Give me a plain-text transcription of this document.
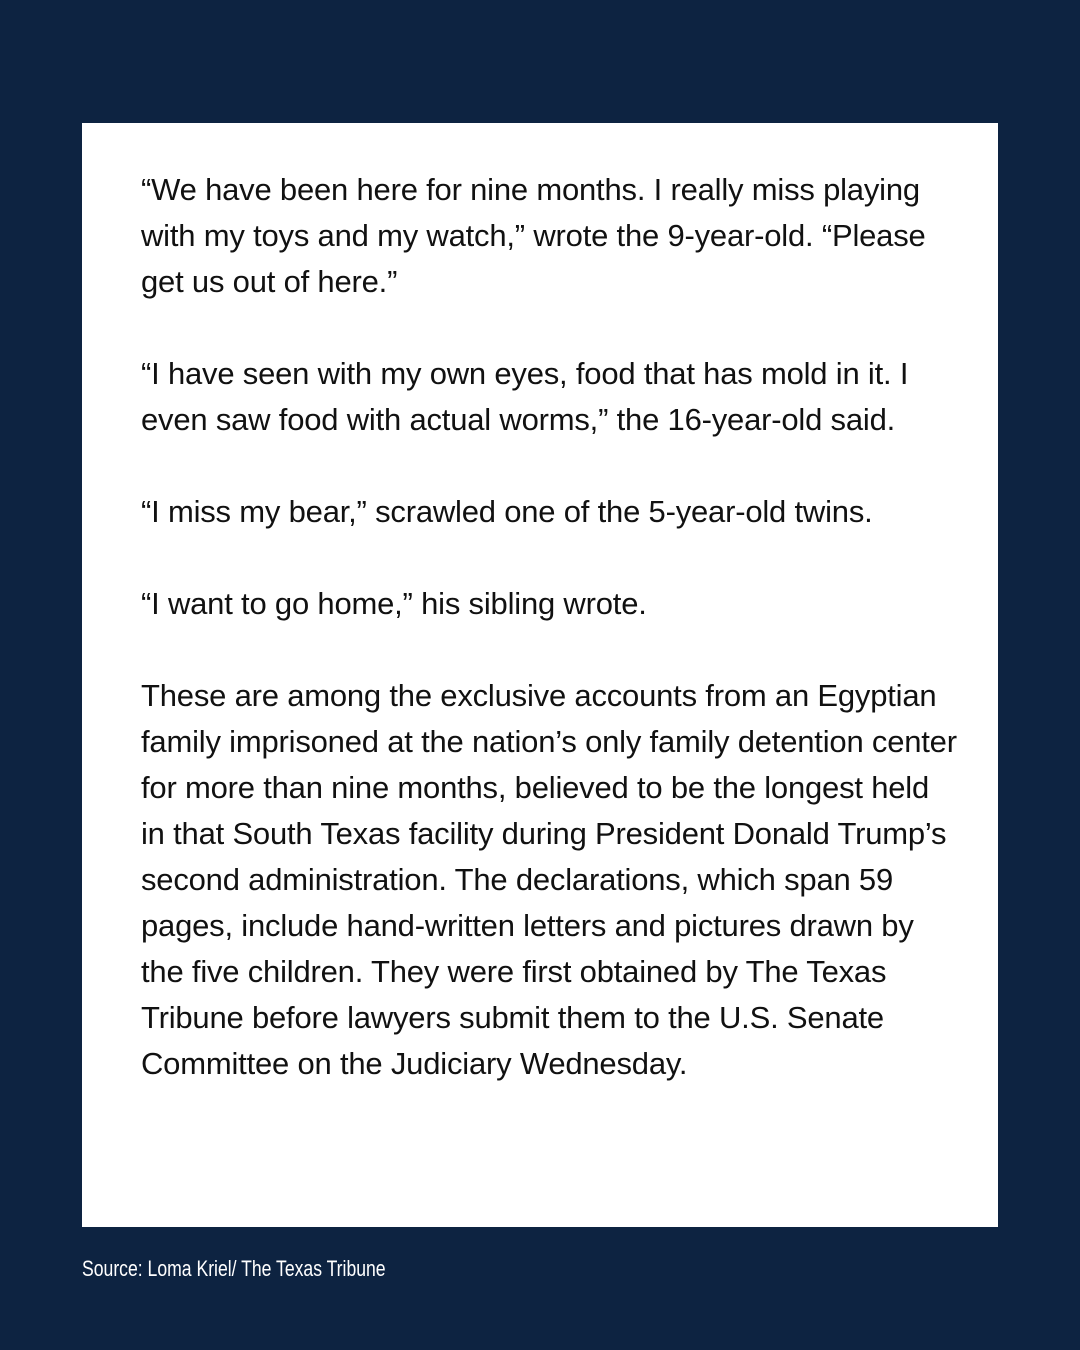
“We have been here for nine months. I really miss playing with my toys and my watch,” wrote the 9-year-old. “Please get us out of here.”

“I have seen with my own eyes, food that has mold in it. I even saw food with actual worms,” the 16-year-old said.

“I miss my bear,” scrawled one of the 5-year-old twins.

“I want to go home,” his sibling wrote.

These are among the exclusive accounts from an Egyptian family imprisoned at the nation’s only family detention center for more than nine months, believed to be the longest held in that South Texas facility during President Donald Trump’s second administration. The declarations, which span 59 pages, include hand-written letters and pictures drawn by the five children. They were first obtained by The Texas Tribune before lawyers submit them to the U.S. Senate Committee on the Judiciary Wednesday.

Source: Loma Kriel/ The Texas Tribune
